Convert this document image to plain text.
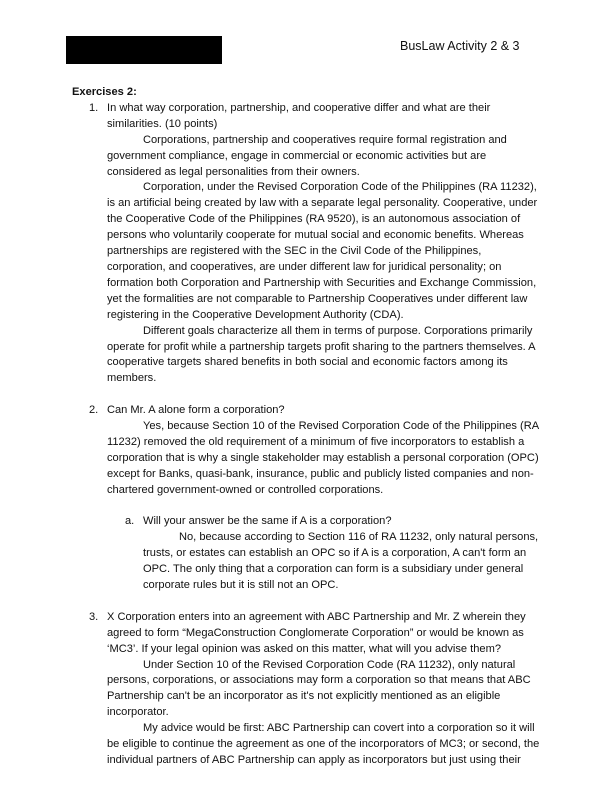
BusLaw Activity 2 & 3
Exercises 2:
1. In what way corporation, partnership, and cooperative differ and what are their similarities. (10 points)

Corporations, partnership and cooperatives require formal registration and government compliance, engage in commercial or economic activities but are considered as legal personalities from their owners.

Corporation, under the Revised Corporation Code of the Philippines (RA 11232), is an artificial being created by law with a separate legal personality. Cooperative, under the Cooperative Code of the Philippines (RA 9520), is an autonomous association of persons who voluntarily cooperate for mutual social and economic benefits. Whereas partnerships are registered with the SEC in the Civil Code of the Philippines, corporation, and cooperatives, are under different law for juridical personality; on formation both Corporation and Partnership with Securities and Exchange Commission, yet the formalities are not comparable to Partnership Cooperatives under different law registering in the Cooperative Development Authority (CDA).

Different goals characterize all them in terms of purpose. Corporations primarily operate for profit while a partnership targets profit sharing to the partners themselves. A cooperative targets shared benefits in both social and economic factors among its members.

2. Can Mr. A alone form a corporation?

Yes, because Section 10 of the Revised Corporation Code of the Philippines (RA 11232) removed the old requirement of a minimum of five incorporators to establish a corporation that is why a single stakeholder may establish a personal corporation (OPC) except for Banks, quasi-bank, insurance, public and publicly listed companies and non-chartered government-owned or controlled corporations.

a. Will your answer be the same if A is a corporation?

No, because according to Section 116 of RA 11232, only natural persons, trusts, or estates can establish an OPC so if A is a corporation, A can't form an OPC. The only thing that a corporation can form is a subsidiary under general corporate rules but it is still not an OPC.

3. X Corporation enters into an agreement with ABC Partnership and Mr. Z wherein they agreed to form “MegaConstruction Conglomerate Corporation” or would be known as ‘MC3’. If your legal opinion was asked on this matter, what will you advise them?

Under Section 10 of the Revised Corporation Code (RA 11232), only natural persons, corporations, or associations may form a corporation so that means that ABC Partnership can't be an incorporator as it's not explicitly mentioned as an eligible incorporator.

My advice would be first: ABC Partnership can covert into a corporation so it will be eligible to continue the agreement as one of the incorporators of MC3; or second, the individual partners of ABC Partnership can apply as incorporators but just using their
